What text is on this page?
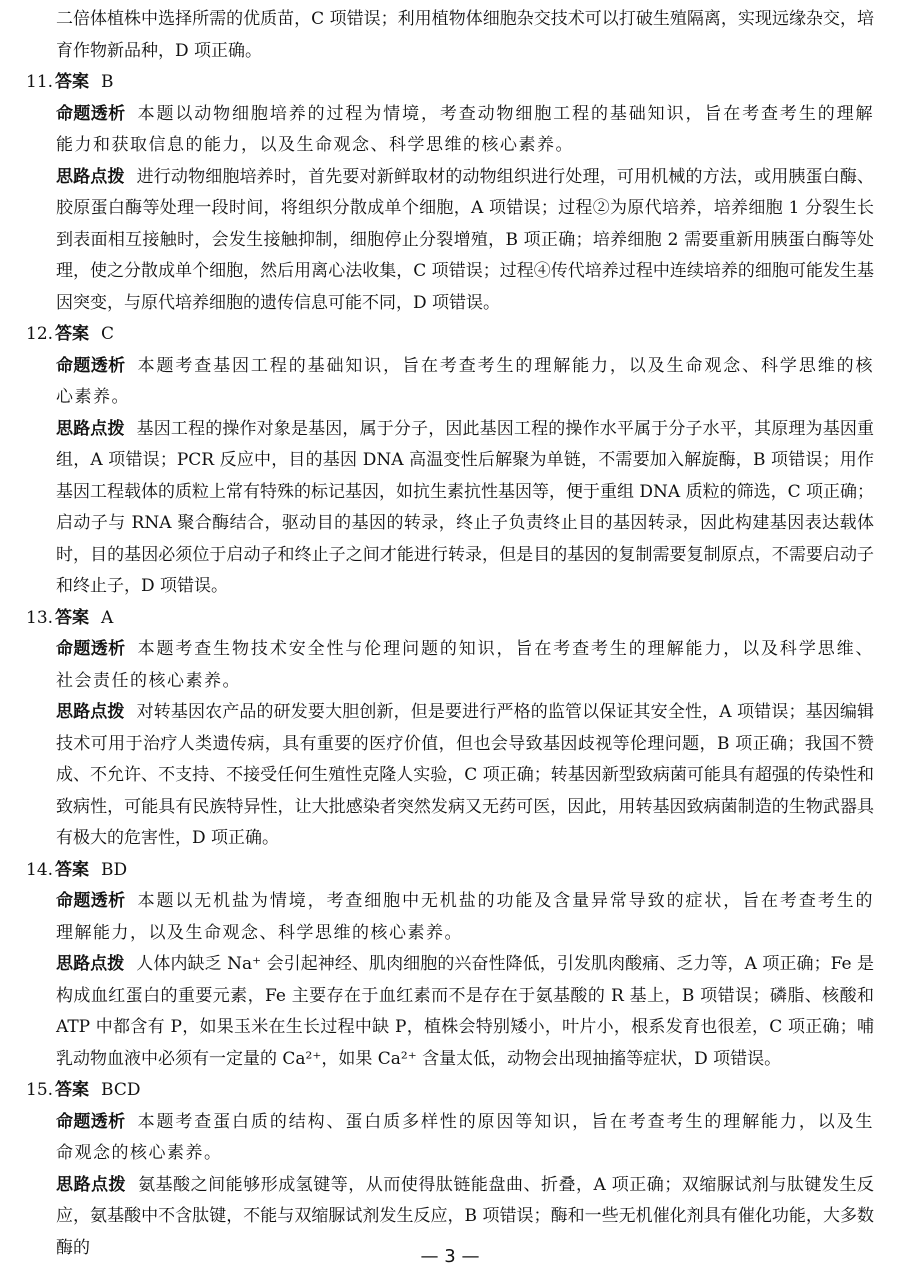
二倍体植株中选择所需的优质苗，C 项错误；利用植物体细胞杂交技术可以打破生殖隔离，实现远缘杂交，培育作物新品种，D 项正确。

11. 答案 B

命题透析 本题以动物细胞培养的过程为情境，考查动物细胞工程的基础知识，旨在考查考生的理解能力和获取信息的能力，以及生命观念、科学思维的核心素养。

思路点拨 进行动物细胞培养时，首先要对新鲜取材的动物组织进行处理，可用机械的方法，或用胰蛋白酶、胶原蛋白酶等处理一段时间，将组织分散成单个细胞，A 项错误；过程②为原代培养，培养细胞 1 分裂生长到表面相互接触时，会发生接触抑制，细胞停止分裂增殖，B 项正确；培养细胞 2 需要重新用胰蛋白酶等处理，使之分散成单个细胞，然后用离心法收集，C 项错误；过程④传代培养过程中连续培养的细胞可能发生基因突变，与原代培养细胞的遗传信息可能不同，D 项错误。

12. 答案 C

命题透析 本题考查基因工程的基础知识，旨在考查考生的理解能力，以及生命观念、科学思维的核心素养。

思路点拨 基因工程的操作对象是基因，属于分子，因此基因工程的操作水平属于分子水平，其原理为基因重组，A 项错误；PCR 反应中，目的基因 DNA 高温变性后解聚为单链，不需要加入解旋酶，B 项错误；用作基因工程载体的质粒上常有特殊的标记基因，如抗生素抗性基因等，便于重组 DNA 质粒的筛选，C 项正确；启动子与 RNA 聚合酶结合，驱动目的基因的转录，终止子负责终止目的基因转录，因此构建基因表达载体时，目的基因必须位于启动子和终止子之间才能进行转录，但是目的基因的复制需要复制原点，不需要启动子和终止子，D 项错误。

13. 答案 A

命题透析 本题考查生物技术安全性与伦理问题的知识，旨在考查考生的理解能力，以及科学思维、社会责任的核心素养。

思路点拨 对转基因农产品的研发要大胆创新，但是要进行严格的监管以保证其安全性，A 项错误；基因编辑技术可用于治疗人类遗传病，具有重要的医疗价值，但也会导致基因歧视等伦理问题，B 项正确；我国不赞成、不允许、不支持、不接受任何生殖性克隆人实验，C 项正确；转基因新型致病菌可能具有超强的传染性和致病性，可能具有民族特异性，让大批感染者突然发病又无药可医，因此，用转基因致病菌制造的生物武器具有极大的危害性，D 项正确。

14. 答案 BD

命题透析 本题以无机盐为情境，考查细胞中无机盐的功能及含量异常导致的症状，旨在考查考生的理解能力，以及生命观念、科学思维的核心素养。

思路点拨 人体内缺乏 Na⁺ 会引起神经、肌肉细胞的兴奋性降低，引发肌肉酸痛、乏力等，A 项正确；Fe 是构成血红蛋白的重要元素，Fe 主要存在于血红素而不是存在于氨基酸的 R 基上，B 项错误；磷脂、核酸和 ATP 中都含有 P，如果玉米在生长过程中缺 P，植株会特别矮小，叶片小，根系发育也很差，C 项正确；哺乳动物血液中必须有一定量的 Ca²⁺，如果 Ca²⁺ 含量太低，动物会出现抽搐等症状，D 项错误。

15. 答案 BCD

命题透析 本题考查蛋白质的结构、蛋白质多样性的原因等知识，旨在考查考生的理解能力，以及生命观念的核心素养。

思路点拨 氨基酸之间能够形成氢键等，从而使得肽链能盘曲、折叠，A 项正确；双缩脲试剂与肽键发生反应，氨基酸中不含肽键，不能与双缩脲试剂发生反应，B 项错误；酶和一些无机催化剂具有催化功能，大多数酶的	— 3 —
